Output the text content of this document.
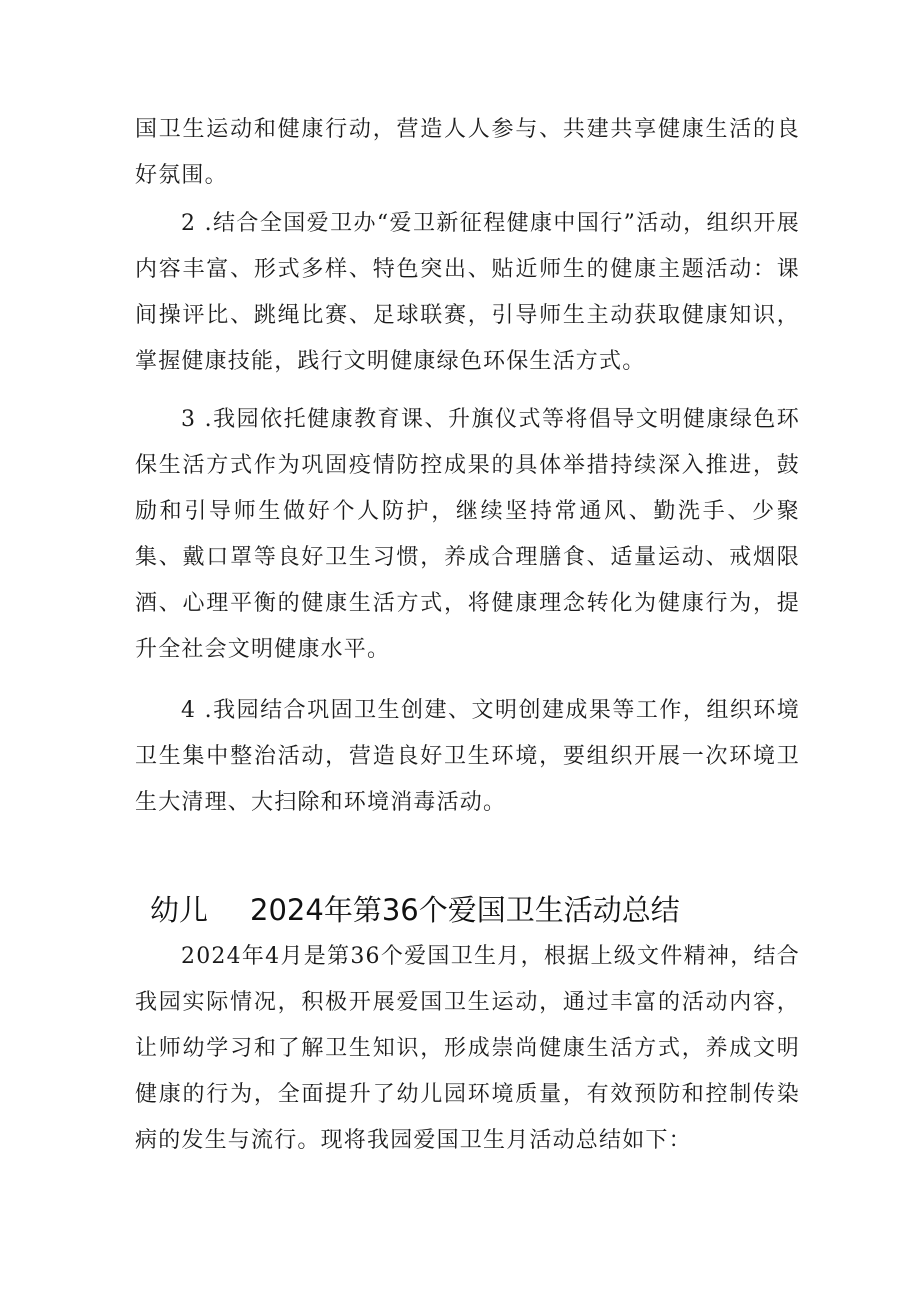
国卫生运动和健康行动，营造人人参与、共建共享健康生活的良好氛围。

2 .结合全国爱卫办“爱卫新征程健康中国行”活动，组织开展内容丰富、形式多样、特色突出、贴近师生的健康主题活动：课间操评比、跳绳比赛、足球联赛，引导师生主动获取健康知识，掌握健康技能，践行文明健康绿色环保生活方式。

3 .我园依托健康教育课、升旗仪式等将倡导文明健康绿色环保生活方式作为巩固疫情防控成果的具体举措持续深入推进，鼓励和引导师生做好个人防护，继续坚持常通风、勤洗手、少聚集、戴口罩等良好卫生习惯，养成合理膳食、适量运动、戒烟限酒、心理平衡的健康生活方式，将健康理念转化为健康行为，提升全社会文明健康水平。

4 .我园结合巩固卫生创建、文明创建成果等工作，组织环境卫生集中整治活动，营造良好卫生环境，要组织开展一次环境卫生大清理、大扫除和环境消毒活动。

幼儿 2024年第36个爱国卫生活动总结

2024年4月是第36个爱国卫生月，根据上级文件精神，结合我园实际情况，积极开展爱国卫生运动，通过丰富的活动内容，让师幼学习和了解卫生知识，形成崇尚健康生活方式，养成文明健康的行为，全面提升了幼儿园环境质量，有效预防和控制传染病的发生与流行。现将我园爱国卫生月活动总结如下：
